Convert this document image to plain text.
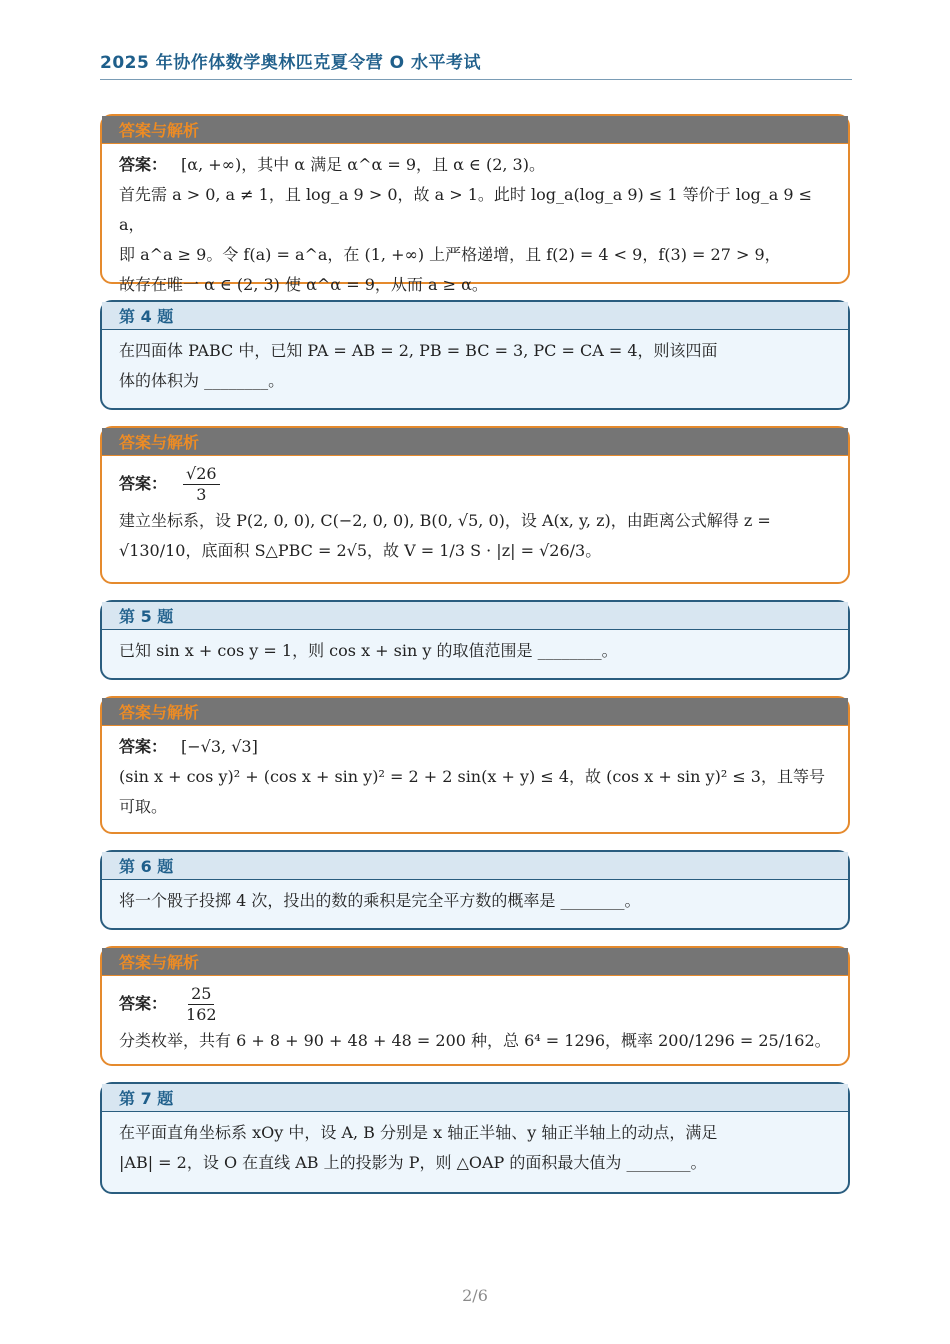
2025 年协作体数学奥林匹克夏令营 O 水平考试
答案与解析

答案： [α, +∞)，其中 α 满足 α^α = 9，且 α ∈ (2, 3)。

首先需 a > 0, a ≠ 1，且 log_a 9 > 0，故 a > 1。此时 log_a(log_a 9) ≤ 1 等价于 log_a 9 ≤ a，

即 a^a ≥ 9。令 f(a) = a^a，在 (1, +∞) 上严格递增，且 f(2) = 4 < 9，f(3) = 27 > 9，

故存在唯一 α ∈ (2, 3) 使 α^α = 9，从而 a ≥ α。

第 4 题

在四面体 PABC 中，已知 PA = AB = 2, PB = BC = 3, PC = CA = 4，则该四面

体的体积为 ________。

答案与解析

答案： $\frac{√26}{3}$

建立坐标系，设 P(2, 0, 0), C(−2, 0, 0), B(0, √5, 0)，设 A(x, y, z)，由距离公式解得 z =

√130/10，底面积 S△PBC = 2√5，故 V = 1/3 S · |z| = √26/3。

第 5 题

已知 sin x + cos y = 1，则 cos x + sin y 的取值范围是 ________。

答案与解析

答案： [−√3, √3]

(sin x + cos y)² + (cos x + sin y)² = 2 + 2 sin(x + y) ≤ 4，故 (cos x + sin y)² ≤ 3，且等号

可取。

第 6 题

将一个骰子投掷 4 次，投出的数的乘积是完全平方数的概率是 ________。

答案与解析

答案： $\frac{25}{162}$

分类枚举，共有 6 + 8 + 90 + 48 + 48 = 200 种，总 6⁴ = 1296，概率 200/1296 = 25/162。

第 7 题

在平面直角坐标系 xOy 中，设 A, B 分别是 x 轴正半轴、y 轴正半轴上的动点，满足

|AB| = 2，设 O 在直线 AB 上的投影为 P，则 △OAP 的面积最大值为 ________。

2/6
